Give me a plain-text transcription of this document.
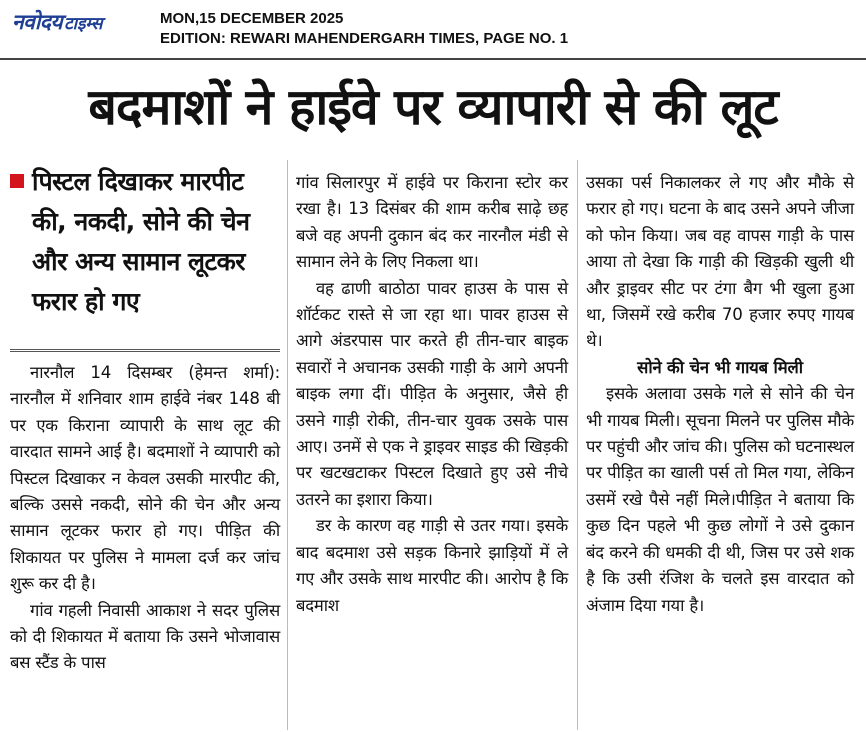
नवोदय टाइम्स	MON,15 DECEMBER 2025
EDITION: REWARI MAHENDERGARH TIMES, PAGE NO. 1
बदमाशों ने हाईवे पर व्यापारी से की लूट
पिस्टल दिखाकर मारपीट की, नकदी, सोने की चेन और अन्य सामान लूटकर फरार हो गए

नारनौल 14 दिसम्बर (हेमन्त शर्मा): नारनौल में शनिवार शाम हाईवे नंबर 148 बी पर एक किराना व्यापारी के साथ लूट की वारदात सामने आई है। बदमाशों ने व्यापारी को पिस्टल दिखाकर न केवल उसकी मारपीट की, बल्कि उससे नकदी, सोने की चेन और अन्य सामान लूटकर फरार हो गए। पीड़ित की शिकायत पर पुलिस ने मामला दर्ज कर जांच शुरू कर दी है।

गांव गहली निवासी आकाश ने सदर पुलिस को दी शिकायत में बताया कि उसने भोजावास बस स्टैंड के पास

गांव सिलारपुर में हाईवे पर किराना स्टोर कर रखा है। 13 दिसंबर की शाम करीब साढ़े छह बजे वह अपनी दुकान बंद कर नारनौल मंडी से सामान लेने के लिए निकला था।

वह ढाणी बाठोठा पावर हाउस के पास से शॉर्टकट रास्ते से जा रहा था। पावर हाउस से आगे अंडरपास पार करते ही तीन-चार बाइक सवारों ने अचानक उसकी गाड़ी के आगे अपनी बाइक लगा दीं। पीड़ित के अनुसार, जैसे ही उसने गाड़ी रोकी, तीन-चार युवक उसके पास आए। उनमें से एक ने ड्राइवर साइड की खिड़की पर खटखटाकर पिस्टल दिखाते हुए उसे नीचे उतरने का इशारा किया।

डर के कारण वह गाड़ी से उतर गया। इसके बाद बदमाश उसे सड़क किनारे झाड़ियों में ले गए और उसके साथ मारपीट की। आरोप है कि बदमाश

उसका पर्स निकालकर ले गए और मौके से फरार हो गए। घटना के बाद उसने अपने जीजा को फोन किया। जब वह वापस गाड़ी के पास आया तो देखा कि गाड़ी की खिड़की खुली थी और ड्राइवर सीट पर टंगा बैग भी खुला हुआ था, जिसमें रखे करीब 70 हजार रुपए गायब थे।

सोने की चेन भी गायब मिली

इसके अलावा उसके गले से सोने की चेन भी गायब मिली। सूचना मिलने पर पुलिस मौके पर पहुंची और जांच की। पुलिस को घटनास्थल पर पीड़ित का खाली पर्स तो मिल गया, लेकिन उसमें रखे पैसे नहीं मिले।पीड़ित ने बताया कि कुछ दिन पहले भी कुछ लोगों ने उसे दुकान बंद करने की धमकी दी थी, जिस पर उसे शक है कि उसी रंजिश के चलते इस वारदात को अंजाम दिया गया है।
